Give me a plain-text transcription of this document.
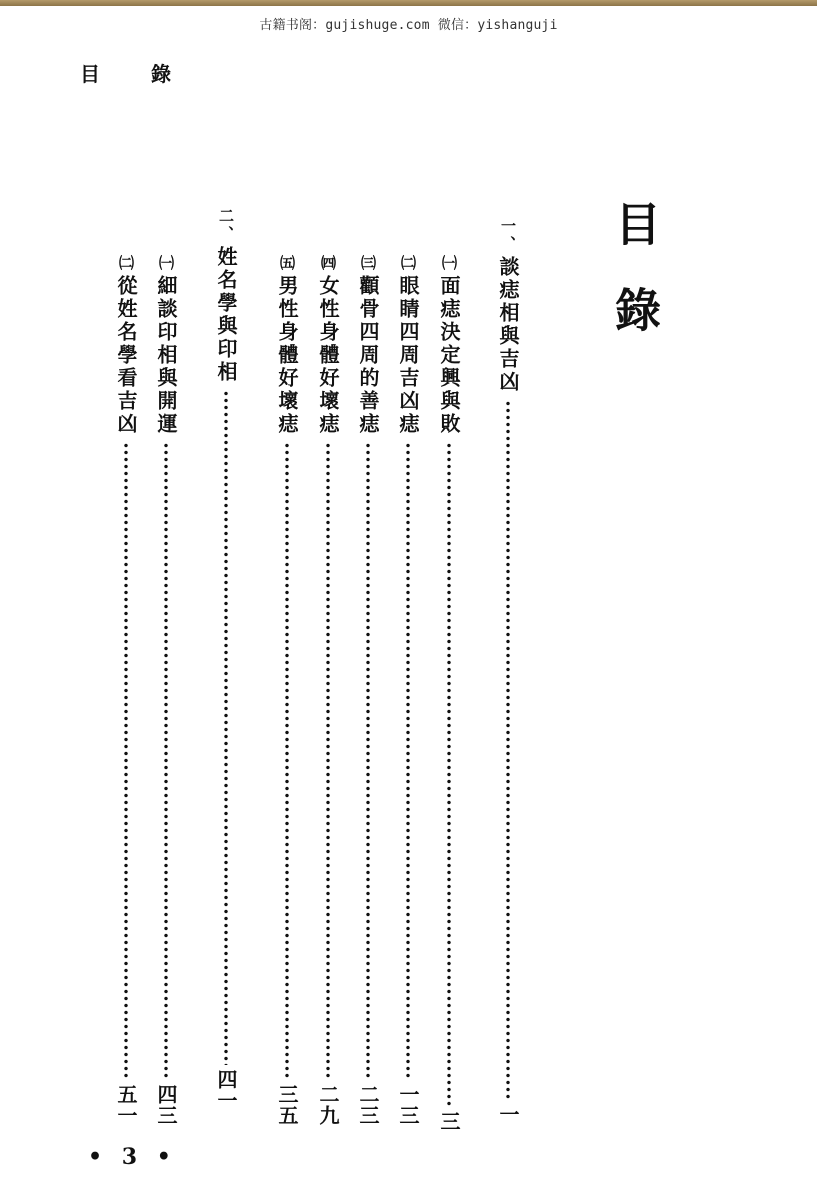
古籍书阁：gujishuge.com 微信：yishanguji
目 錄
目錄
一、談痣相與吉凶
一
㈠面痣決定興與敗
三
㈡眼睛四周吉凶痣
一三
㈢顴骨四周的善痣
二三
㈣女性身體好壞痣
二九
㈤男性身體好壞痣
三五
二、姓名學與印相
四一
㈠細談印相與開運
四三
㈡從姓名學看吉凶
五一
• 3 •
